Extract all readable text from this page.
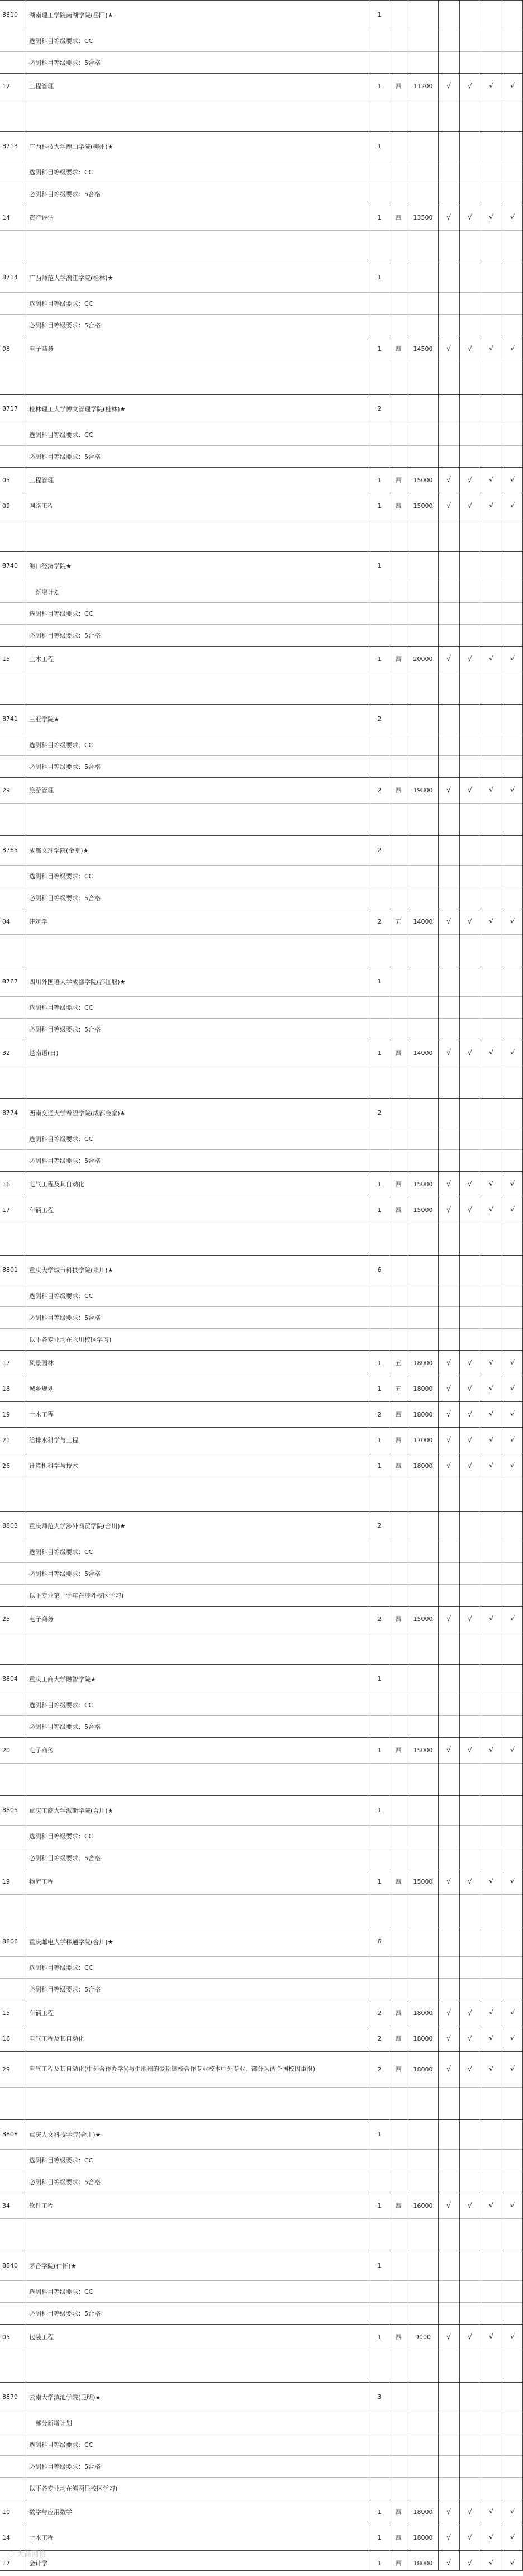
8610	湖南理工学院南湖学院(岳阳)★	1
选测科目等级要求：CC
必测科目等级要求：5合格
12	工程管理	1	四	11200	√	√	√	√
8713	广西科技大学鹿山学院(柳州)★	1
选测科目等级要求：CC
必测科目等级要求：5合格
14	资产评估	1	四	13500	√	√	√	√
8714	广西师范大学漓江学院(桂林)★	1
选测科目等级要求：CC
必测科目等级要求：5合格
08	电子商务	1	四	14500	√	√	√	√
8717	桂林理工大学博文管理学院(桂林)★	2
选测科目等级要求：CC
必测科目等级要求：5合格
05	工程管理	1	四	15000	√	√	√	√
09	网络工程	1	四	15000	√	√	√	√
8740	海口经济学院★	1
　新增计划
选测科目等级要求：CC
必测科目等级要求：5合格
15	土木工程	1	四	20000	√	√	√	√
8741	三亚学院★	2
选测科目等级要求：CC
必测科目等级要求：5合格
29	旅游管理	2	四	19800	√	√	√	√
8765	成都文理学院(金堂)★	2
选测科目等级要求：CC
必测科目等级要求：5合格
04	建筑学	2	五	14000	√	√	√	√
8767	四川外国语大学成都学院(都江堰)★	1
选测科目等级要求：CC
必测科目等级要求：5合格
32	越南语(日)	1	四	14000	√	√	√	√
8774	西南交通大学希望学院(成都金堂)★	2
选测科目等级要求：CC
必测科目等级要求：5合格
16	电气工程及其自动化	1	四	15000	√	√	√	√
17	车辆工程	1	四	15000	√	√	√	√
8801	重庆大学城市科技学院(永川)★	6
选测科目等级要求：CC
必测科目等级要求：5合格
以下各专业均在永川校区学习)
17	风景园林	1	五	18000	√	√	√	√
18	城乡规划	1	五	18000	√	√	√	√
19	土木工程	2	四	18000	√	√	√	√
21	给排水科学与工程	1	四	17000	√	√	√	√
26	计算机科学与技术	1	四	18000	√	√	√	√
8803	重庆师范大学涉外商贸学院(合川)★	2
选测科目等级要求：CC
必测科目等级要求：5合格
以下专业第一学年在涉外校区学习)
25	电子商务	2	四	15000	√	√	√	√
8804	重庆工商大学融智学院★	1
选测科目等级要求：CC
必测科目等级要求：5合格
20	电子商务	1	四	15000	√	√	√	√
8805	重庆工商大学派斯学院(合川)★	1
选测科目等级要求：CC
必测科目等级要求：5合格
19	物流工程	1	四	15000	√	√	√	√
8806	重庆邮电大学移通学院(合川)★	6
选测科目等级要求：CC
必测科目等级要求：5合格
15	车辆工程	2	四	18000	√	√	√	√
16	电气工程及其自动化	2	四	18000	√	√	√	√
29	电气工程及其自动化(中外合作办学)(与生地州的爱斯德校合作专业校本中外专业，部分为两个国校因重报)	2	四	18000	√	√	√	√
8808	重庆人文科技学院(合川)★	1
选测科目等级要求：CC
必测科目等级要求：5合格
34	软件工程	1	四	16000	√	√	√	√
8840	茅台学院(仁怀)★	1
选测科目等级要求：CC
必测科目等级要求：5合格
05	包装工程	1	四	9000	√	√	√	√
8870	云南大学滇池学院(昆明)★	3
　部分新增计划
选测科目等级要求：CC
必测科目等级要求：5合格
以下各专业均在滇两昆校区学习)
10	数学与应用数学	1	四	18000	√	√	√	√
14	土木工程	1	四	18000	√	√	√	√
17	会计学	1	四	18000	√	√	√	√
◌ 大商网格
